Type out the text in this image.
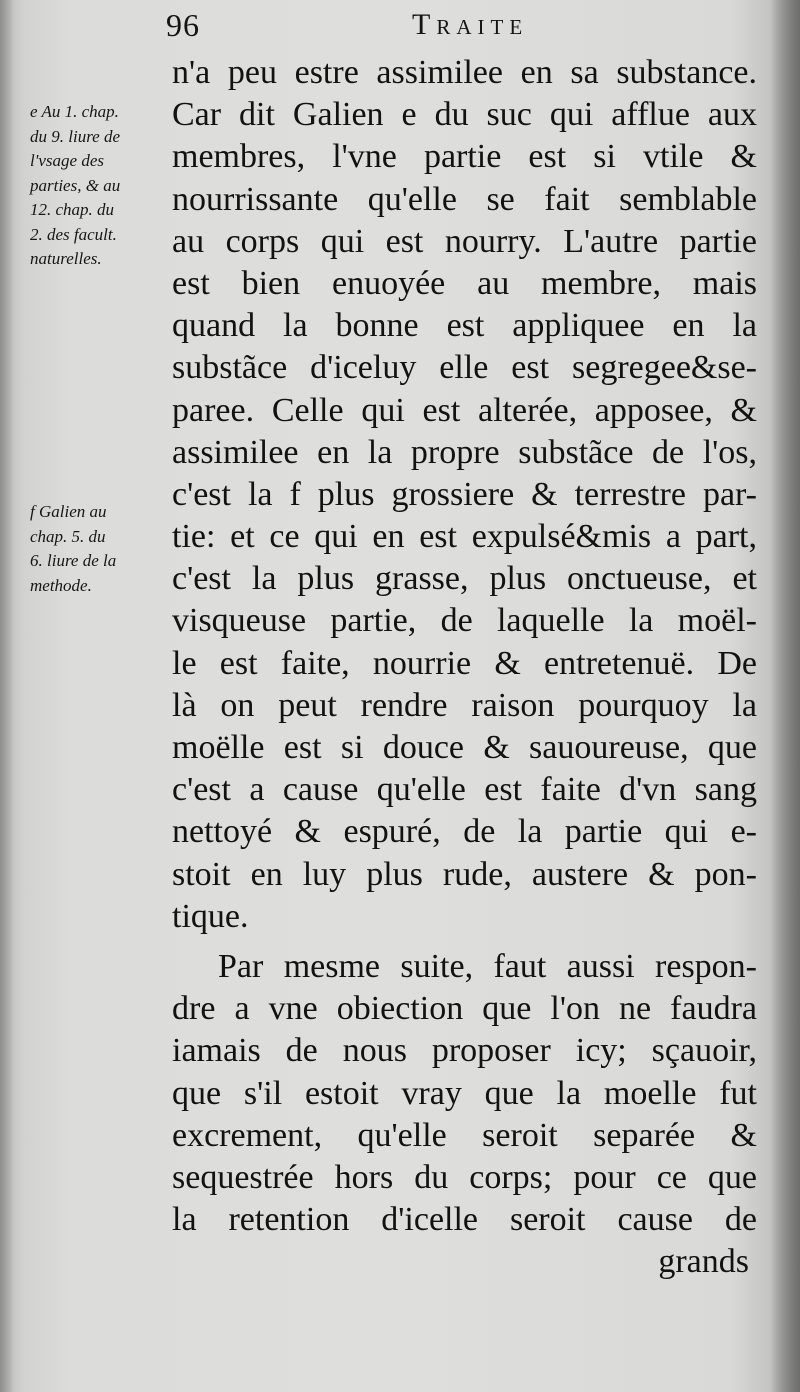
96	Traite
e Au 1. chap.
du 9. liure de
l'vsage des
parties, & au
12. chap. du
2. des facult.
naturelles.
f Galien au
chap. 5. du
6. liure de la
methode.
n'a peu estre assimilee en sa substance.
Car dit Galien e du suc qui afflue aux
membres, l'vne partie est si vtile &
nourrissante qu'elle se fait semblable
au corps qui est nourry. L'autre partie
est bien enuoyée au membre, mais
quand la bonne est appliquee en la
substãce d'iceluy elle est segregee&se-
paree. Celle qui est alterée, apposee, &
assimilee en la propre substãce de l'os,
c'est la f plus grossiere & terrestre par-
tie: et ce qui en est expulsé&mis a part,
c'est la plus grasse, plus onctueuse, et
visqueuse partie, de laquelle la moël-
le est faite, nourrie & entretenuë. De
là on peut rendre raison pourquoy la
moëlle est si douce & sauoureuse, que
c'est a cause qu'elle est faite d'vn sang
nettoyé & espuré, de la partie qui e-
stoit en luy plus rude, austere & pon-
tique.
Par mesme suite, faut aussi respon-
dre a vne obiection que l'on ne faudra
iamais de nous proposer icy; sçauoir,
que s'il estoit vray que la moelle fut
excrement, qu'elle seroit separée &
sequestrée hors du corps; pour ce que
la retention d'icelle seroit cause de
grands
